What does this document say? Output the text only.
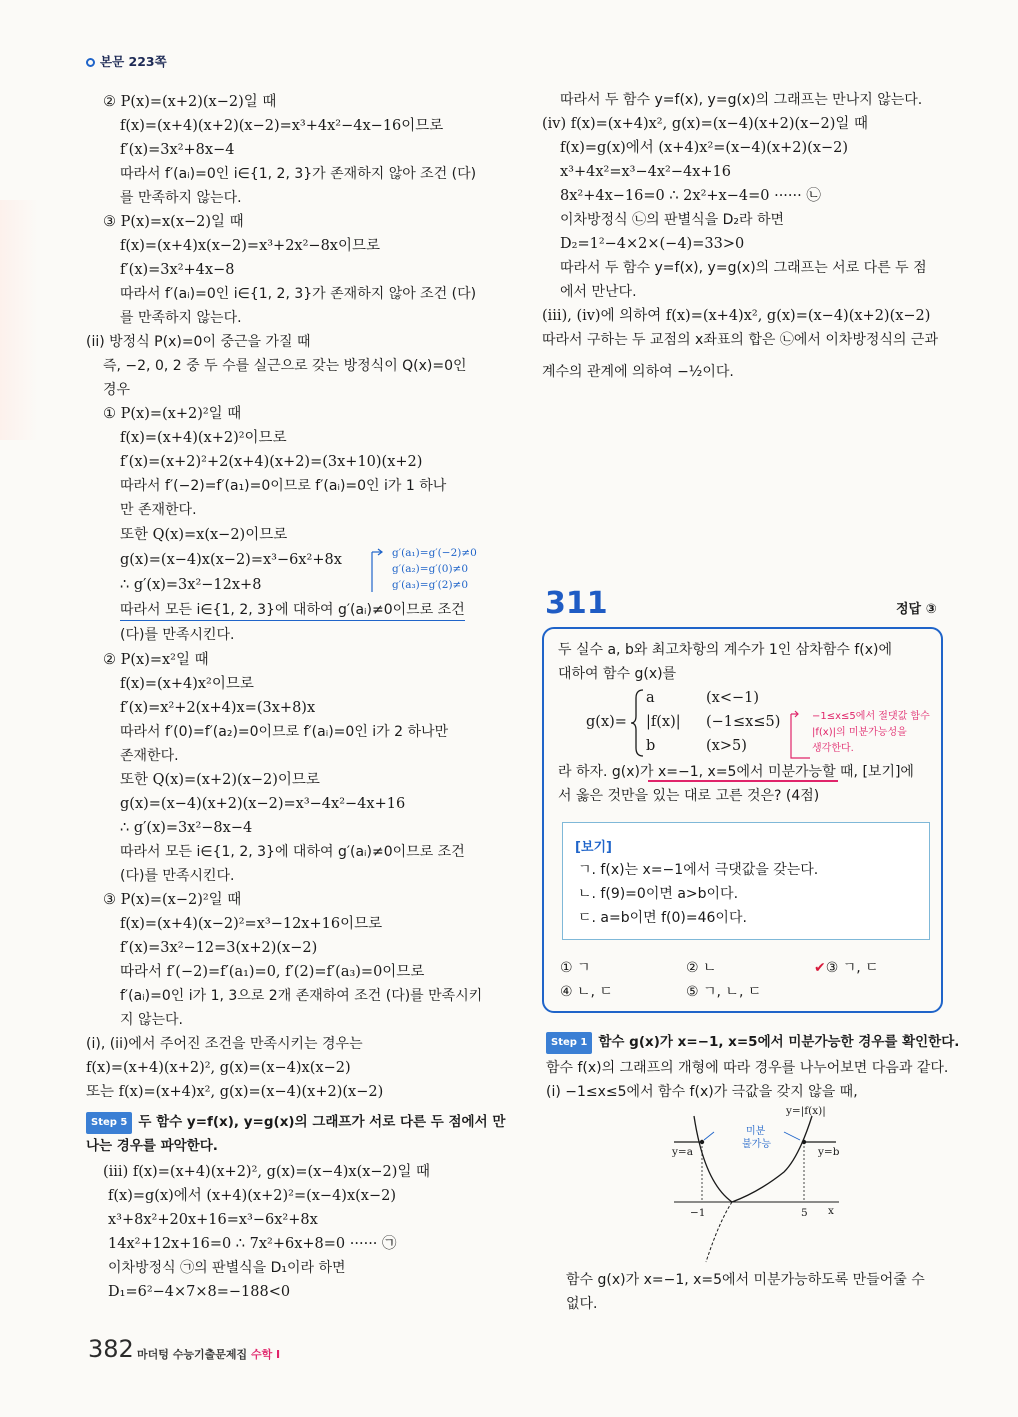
본문 223쪽
② P(x)=(x+2)(x−2)일 때
f(x)=(x+4)(x+2)(x−2)=x³+4x²−4x−16이므로
f′(x)=3x²+8x−4
따라서 f′(aᵢ)=0인 i∈{1, 2, 3}가 존재하지 않아 조건 (다)
를 만족하지 않는다.
③ P(x)=x(x−2)일 때
f(x)=(x+4)x(x−2)=x³+2x²−8x이므로
f′(x)=3x²+4x−8
따라서 f′(aᵢ)=0인 i∈{1, 2, 3}가 존재하지 않아 조건 (다)
를 만족하지 않는다.
(ii) 방정식 P(x)=0이 중근을 가질 때
즉, −2, 0, 2 중 두 수를 실근으로 갖는 방정식이 Q(x)=0인
경우
① P(x)=(x+2)²일 때
f(x)=(x+4)(x+2)²이므로
f′(x)=(x+2)²+2(x+4)(x+2)=(3x+10)(x+2)
따라서 f′(−2)=f′(a₁)=0이므로 f′(aᵢ)=0인 i가 1 하나
만 존재한다.
또한 Q(x)=x(x−2)이므로
g(x)=(x−4)x(x−2)=x³−6x²+8x
∴ g′(x)=3x²−12x+8
g′(a₁)=g′(−2)≠0
g′(a₂)=g′(0)≠0
g′(a₃)=g′(2)≠0
따라서 모든 i∈{1, 2, 3}에 대하여 g′(aᵢ)≠0이므로 조건
(다)를 만족시킨다.
② P(x)=x²일 때
f(x)=(x+4)x²이므로
f′(x)=x²+2(x+4)x=(3x+8)x
따라서 f′(0)=f′(a₂)=0이므로 f′(aᵢ)=0인 i가 2 하나만
존재한다.
또한 Q(x)=(x+2)(x−2)이므로
g(x)=(x−4)(x+2)(x−2)=x³−4x²−4x+16
∴ g′(x)=3x²−8x−4
따라서 모든 i∈{1, 2, 3}에 대하여 g′(aᵢ)≠0이므로 조건
(다)를 만족시킨다.
③ P(x)=(x−2)²일 때
f(x)=(x+4)(x−2)²=x³−12x+16이므로
f′(x)=3x²−12=3(x+2)(x−2)
따라서 f′(−2)=f′(a₁)=0, f′(2)=f′(a₃)=0이므로
f′(aᵢ)=0인 i가 1, 3으로 2개 존재하여 조건 (다)를 만족시키
지 않는다.
(i), (ii)에서 주어진 조건을 만족시키는 경우는
f(x)=(x+4)(x+2)², g(x)=(x−4)x(x−2)
또는 f(x)=(x+4)x², g(x)=(x−4)(x+2)(x−2)
Step 5 두 함수 y=f(x), y=g(x)의 그래프가 서로 다른 두 점에서 만
나는 경우를 파악한다.
(iii) f(x)=(x+4)(x+2)², g(x)=(x−4)x(x−2)일 때
f(x)=g(x)에서 (x+4)(x+2)²=(x−4)x(x−2)
x³+8x²+20x+16=x³−6x²+8x
14x²+12x+16=0 ∴ 7x²+6x+8=0 ······ ㉠
이차방정식 ㉠의 판별식을 D₁이라 하면
D₁=6²−4×7×8=−188<0
따라서 두 함수 y=f(x), y=g(x)의 그래프는 만나지 않는다.
(iv) f(x)=(x+4)x², g(x)=(x−4)(x+2)(x−2)일 때
f(x)=g(x)에서 (x+4)x²=(x−4)(x+2)(x−2)
x³+4x²=x³−4x²−4x+16
8x²+4x−16=0 ∴ 2x²+x−4=0 ······ ㉡
이차방정식 ㉡의 판별식을 D₂라 하면
D₂=1²−4×2×(−4)=33>0
따라서 두 함수 y=f(x), y=g(x)의 그래프는 서로 다른 두 점
에서 만난다.
(iii), (iv)에 의하여 f(x)=(x+4)x², g(x)=(x−4)(x+2)(x−2)
따라서 구하는 두 교점의 x좌표의 합은 ㉡에서 이차방정식의 근과
계수의 관계에 의하여 −½이다.
311	정답 ③
두 실수 a, b와 최고차항의 계수가 1인 삼차함수 f(x)에
대하여 함수 g(x)를
g(x)=
a	(x<−1)
|f(x)| (−1≤x≤5)
b	(x>5)
−1≤x≤5에서 절댓값 함수
|f(x)|의 미분가능성을
생각한다.
라 하자. g(x)가 x=−1, x=5에서 미분가능할 때, [보기]에
서 옳은 것만을 있는 대로 고른 것은? (4점)
[보기]
ㄱ. f(x)는 x=−1에서 극댓값을 갖는다.
ㄴ. f(9)=0이면 a>b이다.
ㄷ. a=b이면 f(0)=46이다.
① ㄱ	② ㄴ	✔③ ㄱ, ㄷ
④ ㄴ, ㄷ	⑤ ㄱ, ㄴ, ㄷ
Step 1 함수 g(x)가 x=−1, x=5에서 미분가능한 경우를 확인한다.
함수 f(x)의 그래프의 개형에 따라 경우를 나누어보면 다음과 같다.
(i) −1≤x≤5에서 함수 f(x)가 극값을 갖지 않을 때,
y=|f(x)|
y=a	y=b
미분
불가능
−1	5 x
함수 g(x)가 x=−1, x=5에서 미분가능하도록 만들어줄 수
없다.
382 마더텅 수능기출문제집 수학 I
